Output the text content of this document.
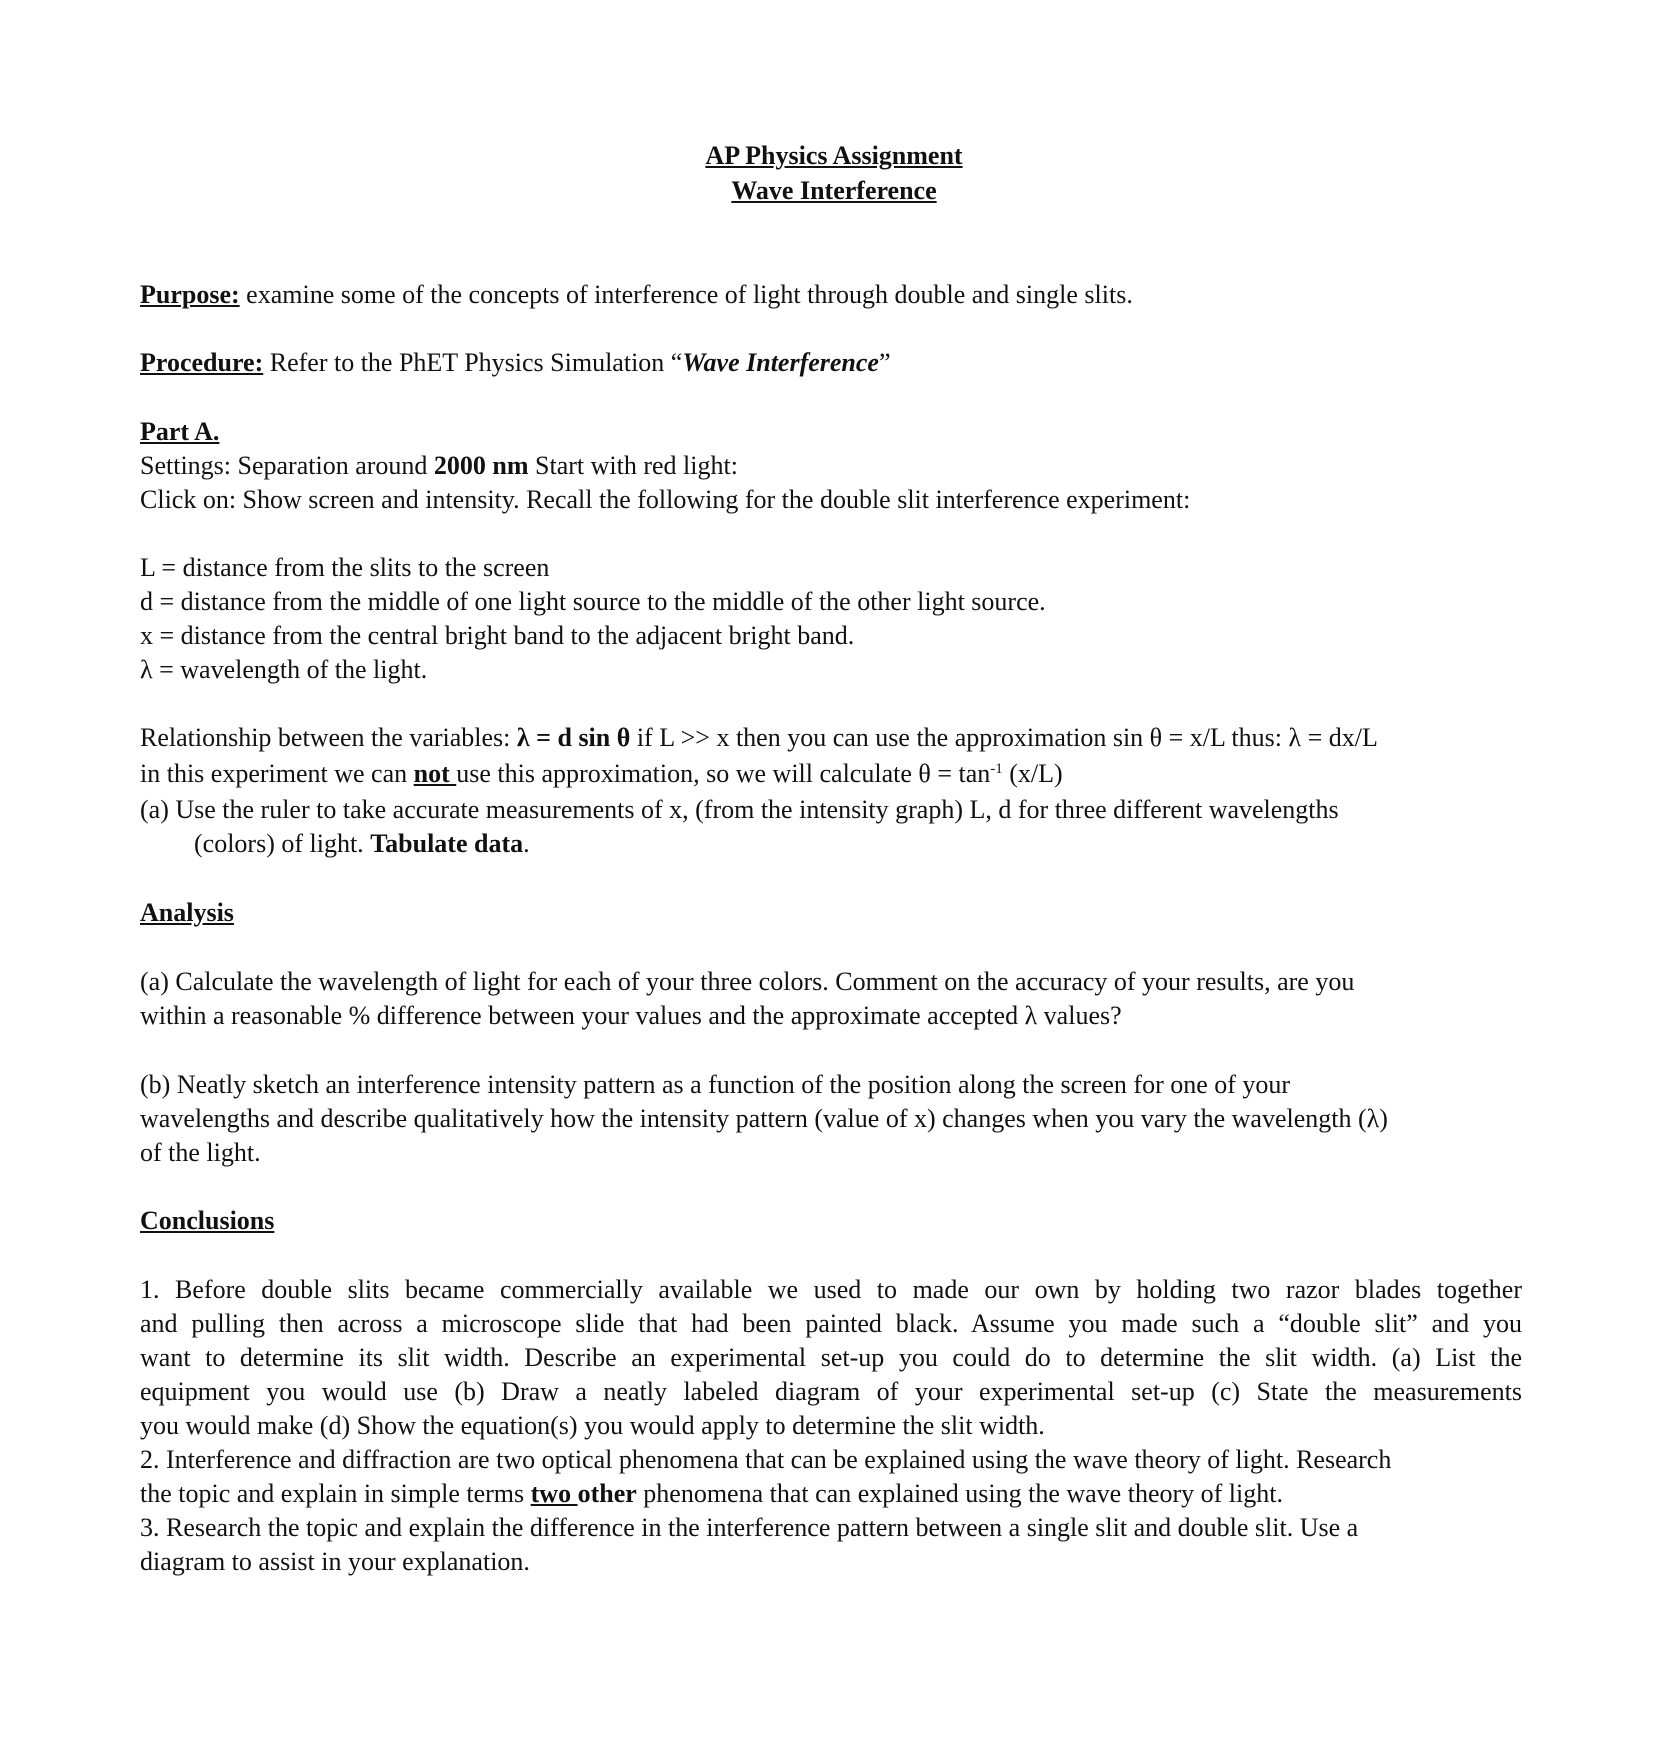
AP Physics Assignment
Wave Interference
Purpose: examine some of the concepts of interference of light through double and single slits.
Procedure: Refer to the PhET Physics Simulation “Wave Interference”
Part A.
Settings: Separation around 2000 nm Start with red light:
Click on: Show screen and intensity. Recall the following for the double slit interference experiment:
L = distance from the slits to the screen
d = distance from the middle of one light source to the middle of the other light source.
x = distance from the central bright band to the adjacent bright band.
λ = wavelength of the light.
Relationship between the variables: λ = d sin θ if L >> x then you can use the approximation sin θ = x/L thus: λ = dx/L
in this experiment we can not use this approximation, so we will calculate $\theta = \tan^{-1} (x/L)$
(a) Use the ruler to take accurate measurements of x, (from the intensity graph) L, d for three different wavelengths
(colors) of light. Tabulate data.
Analysis
(a) Calculate the wavelength of light for each of your three colors. Comment on the accuracy of your results, are you
within a reasonable % difference between your values and the approximate accepted λ values?
(b) Neatly sketch an interference intensity pattern as a function of the position along the screen for one of your
wavelengths and describe qualitatively how the intensity pattern (value of x) changes when you vary the wavelength (λ)
of the light.
Conclusions
1. Before double slits became commercially available we used to made our own by holding two razor blades together
and pulling then across a microscope slide that had been painted black. Assume you made such a “double slit” and you
want to determine its slit width. Describe an experimental set-up you could do to determine the slit width. (a) List the
equipment you would use (b) Draw a neatly labeled diagram of your experimental set-up (c) State the measurements
you would make (d) Show the equation(s) you would apply to determine the slit width.
2. Interference and diffraction are two optical phenomena that can be explained using the wave theory of light. Research
the topic and explain in simple terms two other phenomena that can explained using the wave theory of light.
3. Research the topic and explain the difference in the interference pattern between a single slit and double slit. Use a
diagram to assist in your explanation.
